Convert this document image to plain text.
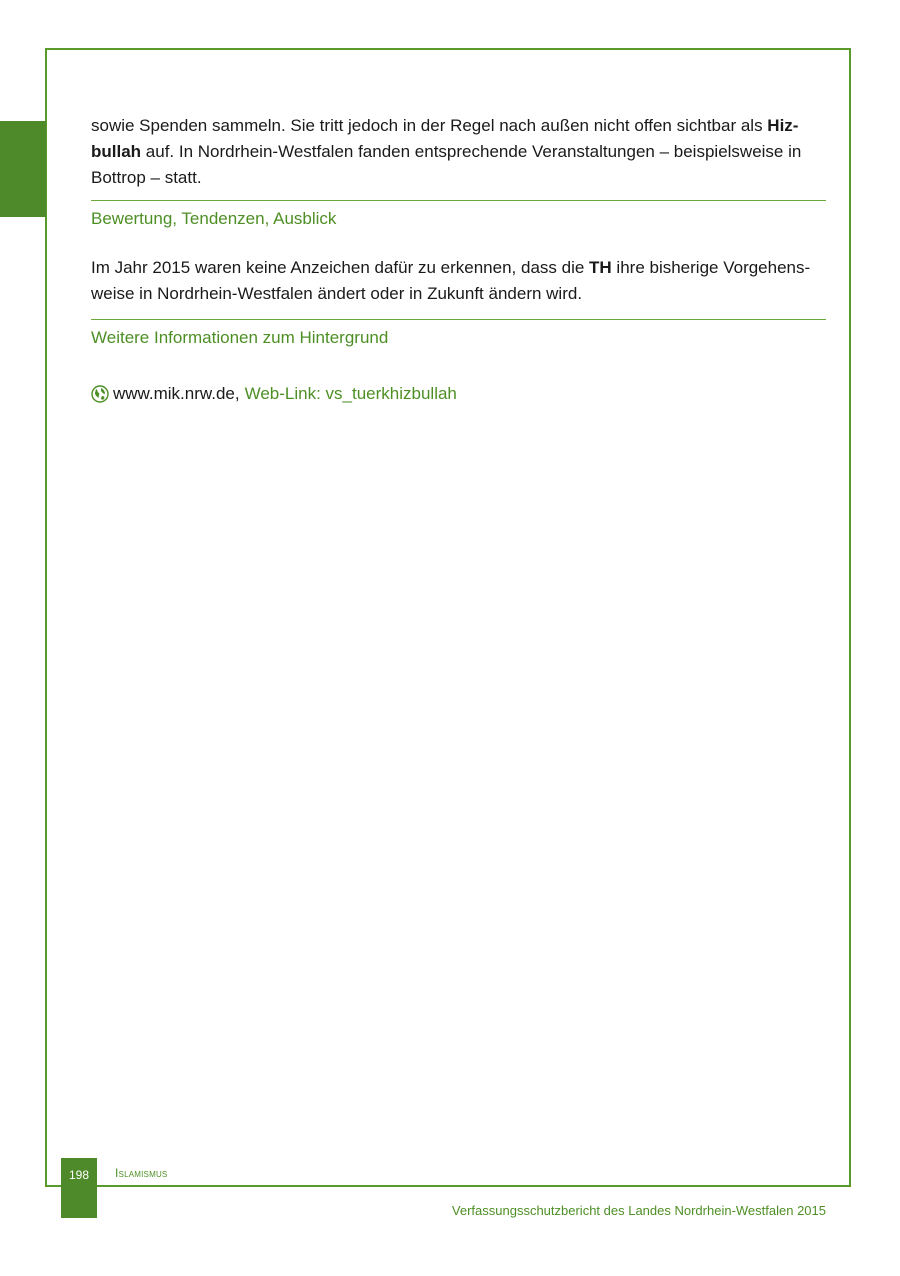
sowie Spenden sammeln. Sie tritt jedoch in der Regel nach außen nicht offen sichtbar als Hiz-
bullah auf. In Nordrhein-Westfalen fanden entsprechende Veranstaltungen – beispielsweise in Bottrop – statt.

Bewertung, Tendenzen, Ausblick

Im Jahr 2015 waren keine Anzeichen dafür zu erkennen, dass die TH ihre bisherige Vorgehens-weise in Nordrhein-Westfalen ändert oder in Zukunft ändern wird.

Weitere Informationen zum Hintergrund

www.mik.nrw.de, Web-Link: vs_tuerkhizbullah
198	Islamismus
Verfassungsschutzbericht des Landes Nordrhein-Westfalen 2015
